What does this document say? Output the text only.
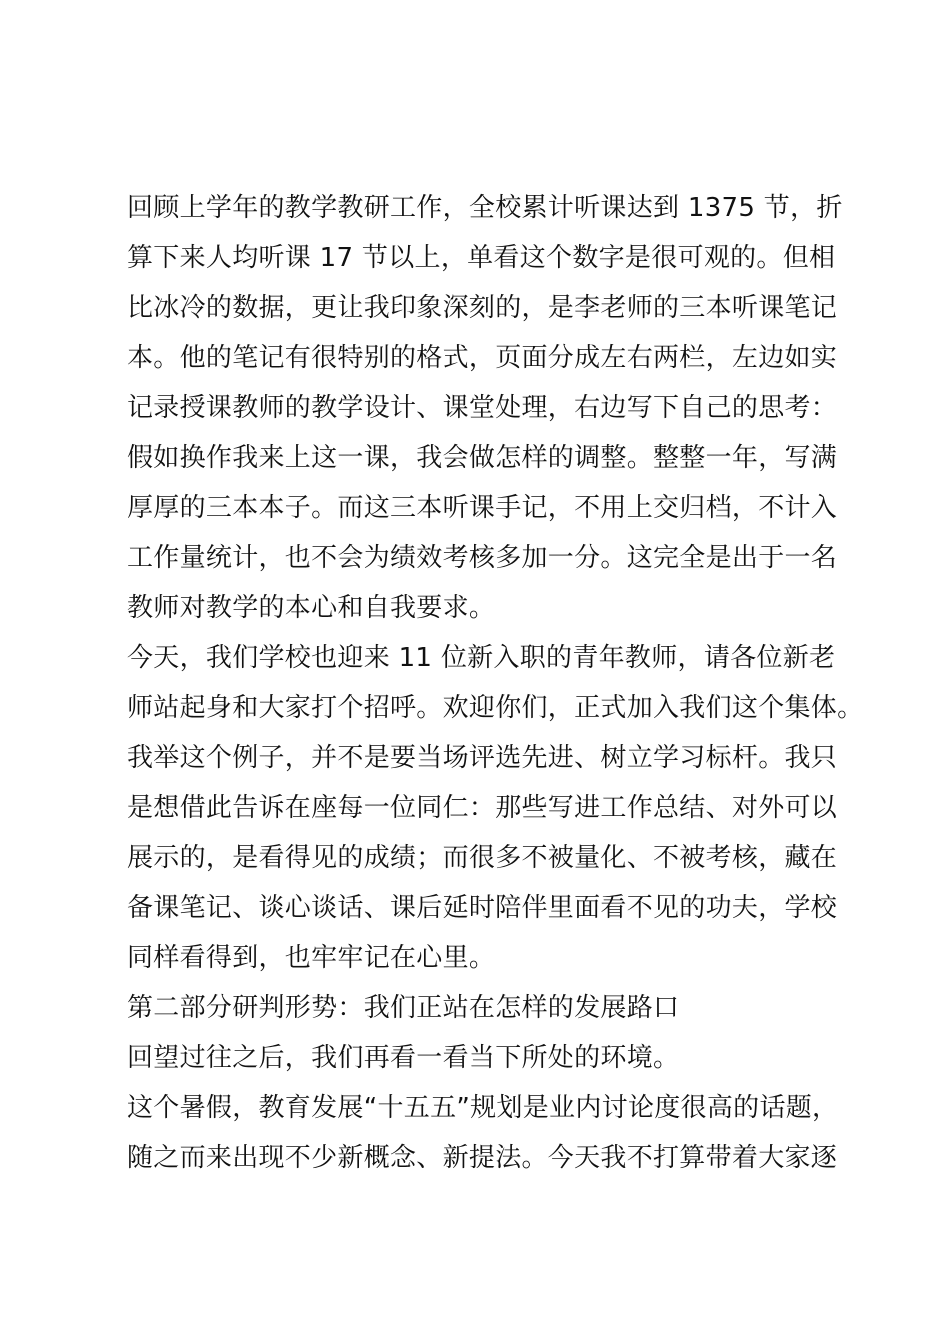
回顾上学年的教学教研工作，全校累计听课达到 1375 节，折

算下来人均听课 17 节以上，单看这个数字是很可观的。但相

比冰冷的数据，更让我印象深刻的，是李老师的三本听课笔记

本。他的笔记有很特别的格式，页面分成左右两栏，左边如实

记录授课教师的教学设计、课堂处理，右边写下自己的思考：

假如换作我来上这一课，我会做怎样的调整。整整一年，写满

厚厚的三本本子。而这三本听课手记，不用上交归档，不计入

工作量统计，也不会为绩效考核多加一分。这完全是出于一名

教师对教学的本心和自我要求。

今天，我们学校也迎来 11 位新入职的青年教师，请各位新老

师站起身和大家打个招呼。欢迎你们，正式加入我们这个集体。

我举这个例子，并不是要当场评选先进、树立学习标杆。我只

是想借此告诉在座每一位同仁：那些写进工作总结、对外可以

展示的，是看得见的成绩；而很多不被量化、不被考核，藏在

备课笔记、谈心谈话、课后延时陪伴里面看不见的功夫，学校

同样看得到，也牢牢记在心里。

第二部分研判形势：我们正站在怎样的发展路口

回望过往之后，我们再看一看当下所处的环境。

这个暑假，教育发展“十五五”规划是业内讨论度很高的话题，

随之而来出现不少新概念、新提法。今天我不打算带着大家逐
